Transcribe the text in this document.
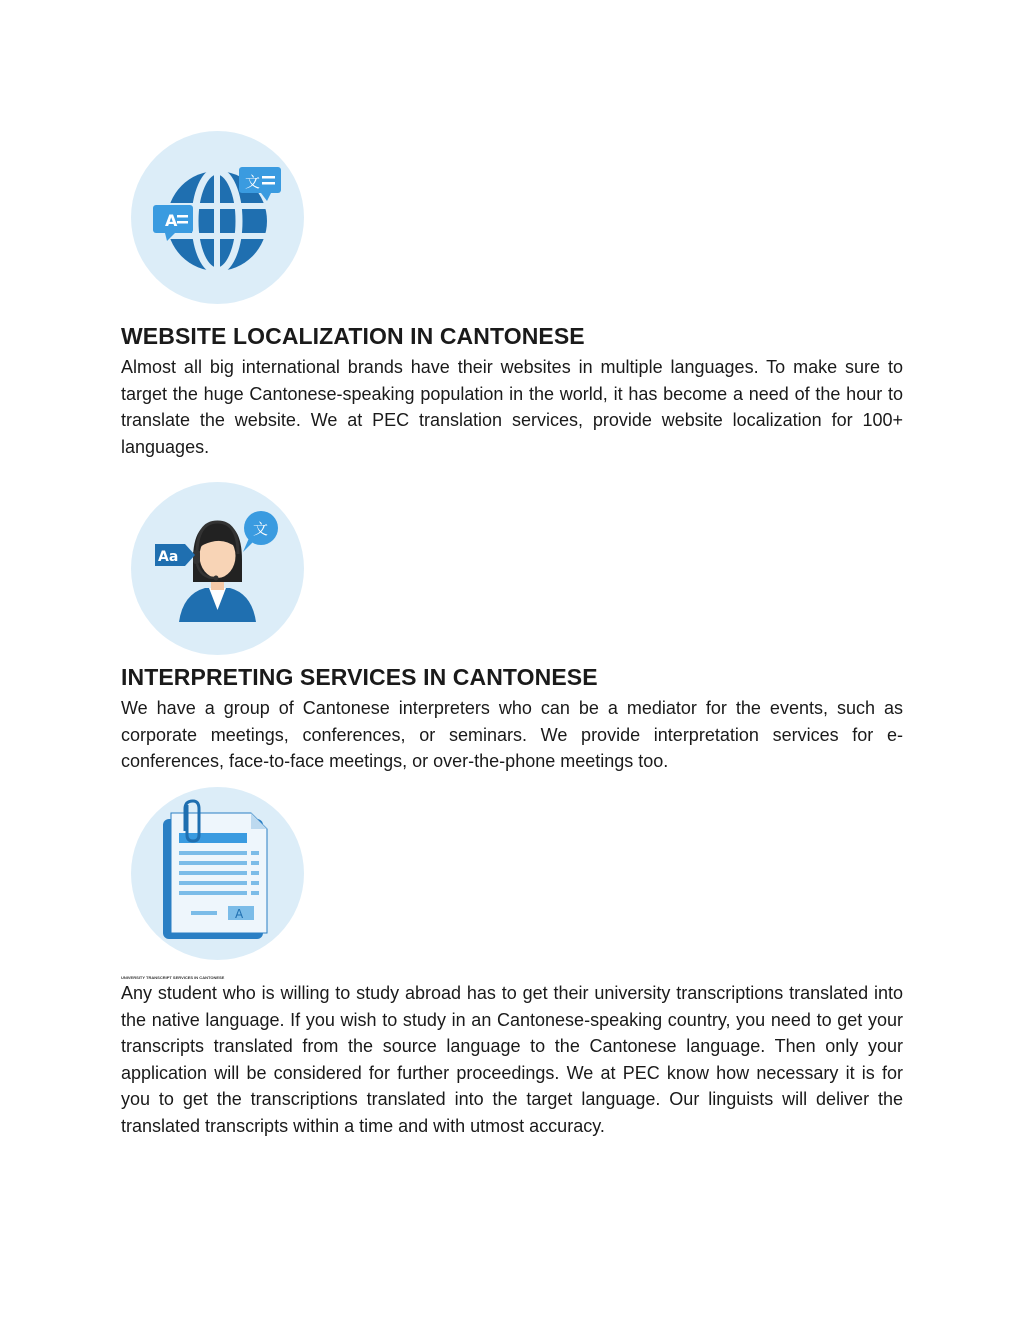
A
文
WEBSITE LOCALIZATION IN CANTONESE

Almost all big international brands have their websites in multiple languages. To make sure to target the huge Cantonese-speaking population in the world, it has become a need of the hour to translate the website. We at PEC translation services, provide website localization for 100+ languages.

Aa
文
INTERPRETING SERVICES IN CANTONESE

We have a group of Cantonese interpreters who can be a mediator for the events, such as corporate meetings, conferences, or seminars. We provide interpretation services for e-conferences, face-to-face meetings, or over-the-phone meetings too.

A
UNIVERSITY TRANSCRIPT SERVICES IN CANTONESE

Any student who is willing to study abroad has to get their university transcriptions translated into the native language. If you wish to study in an Cantonese-speaking country, you need to get your transcripts translated from the source language to the Cantonese language. Then only your application will be considered for further proceedings. We at PEC know how necessary it is for you to get the transcriptions translated into the target language. Our linguists will deliver the translated transcripts within a time and with utmost accuracy.
